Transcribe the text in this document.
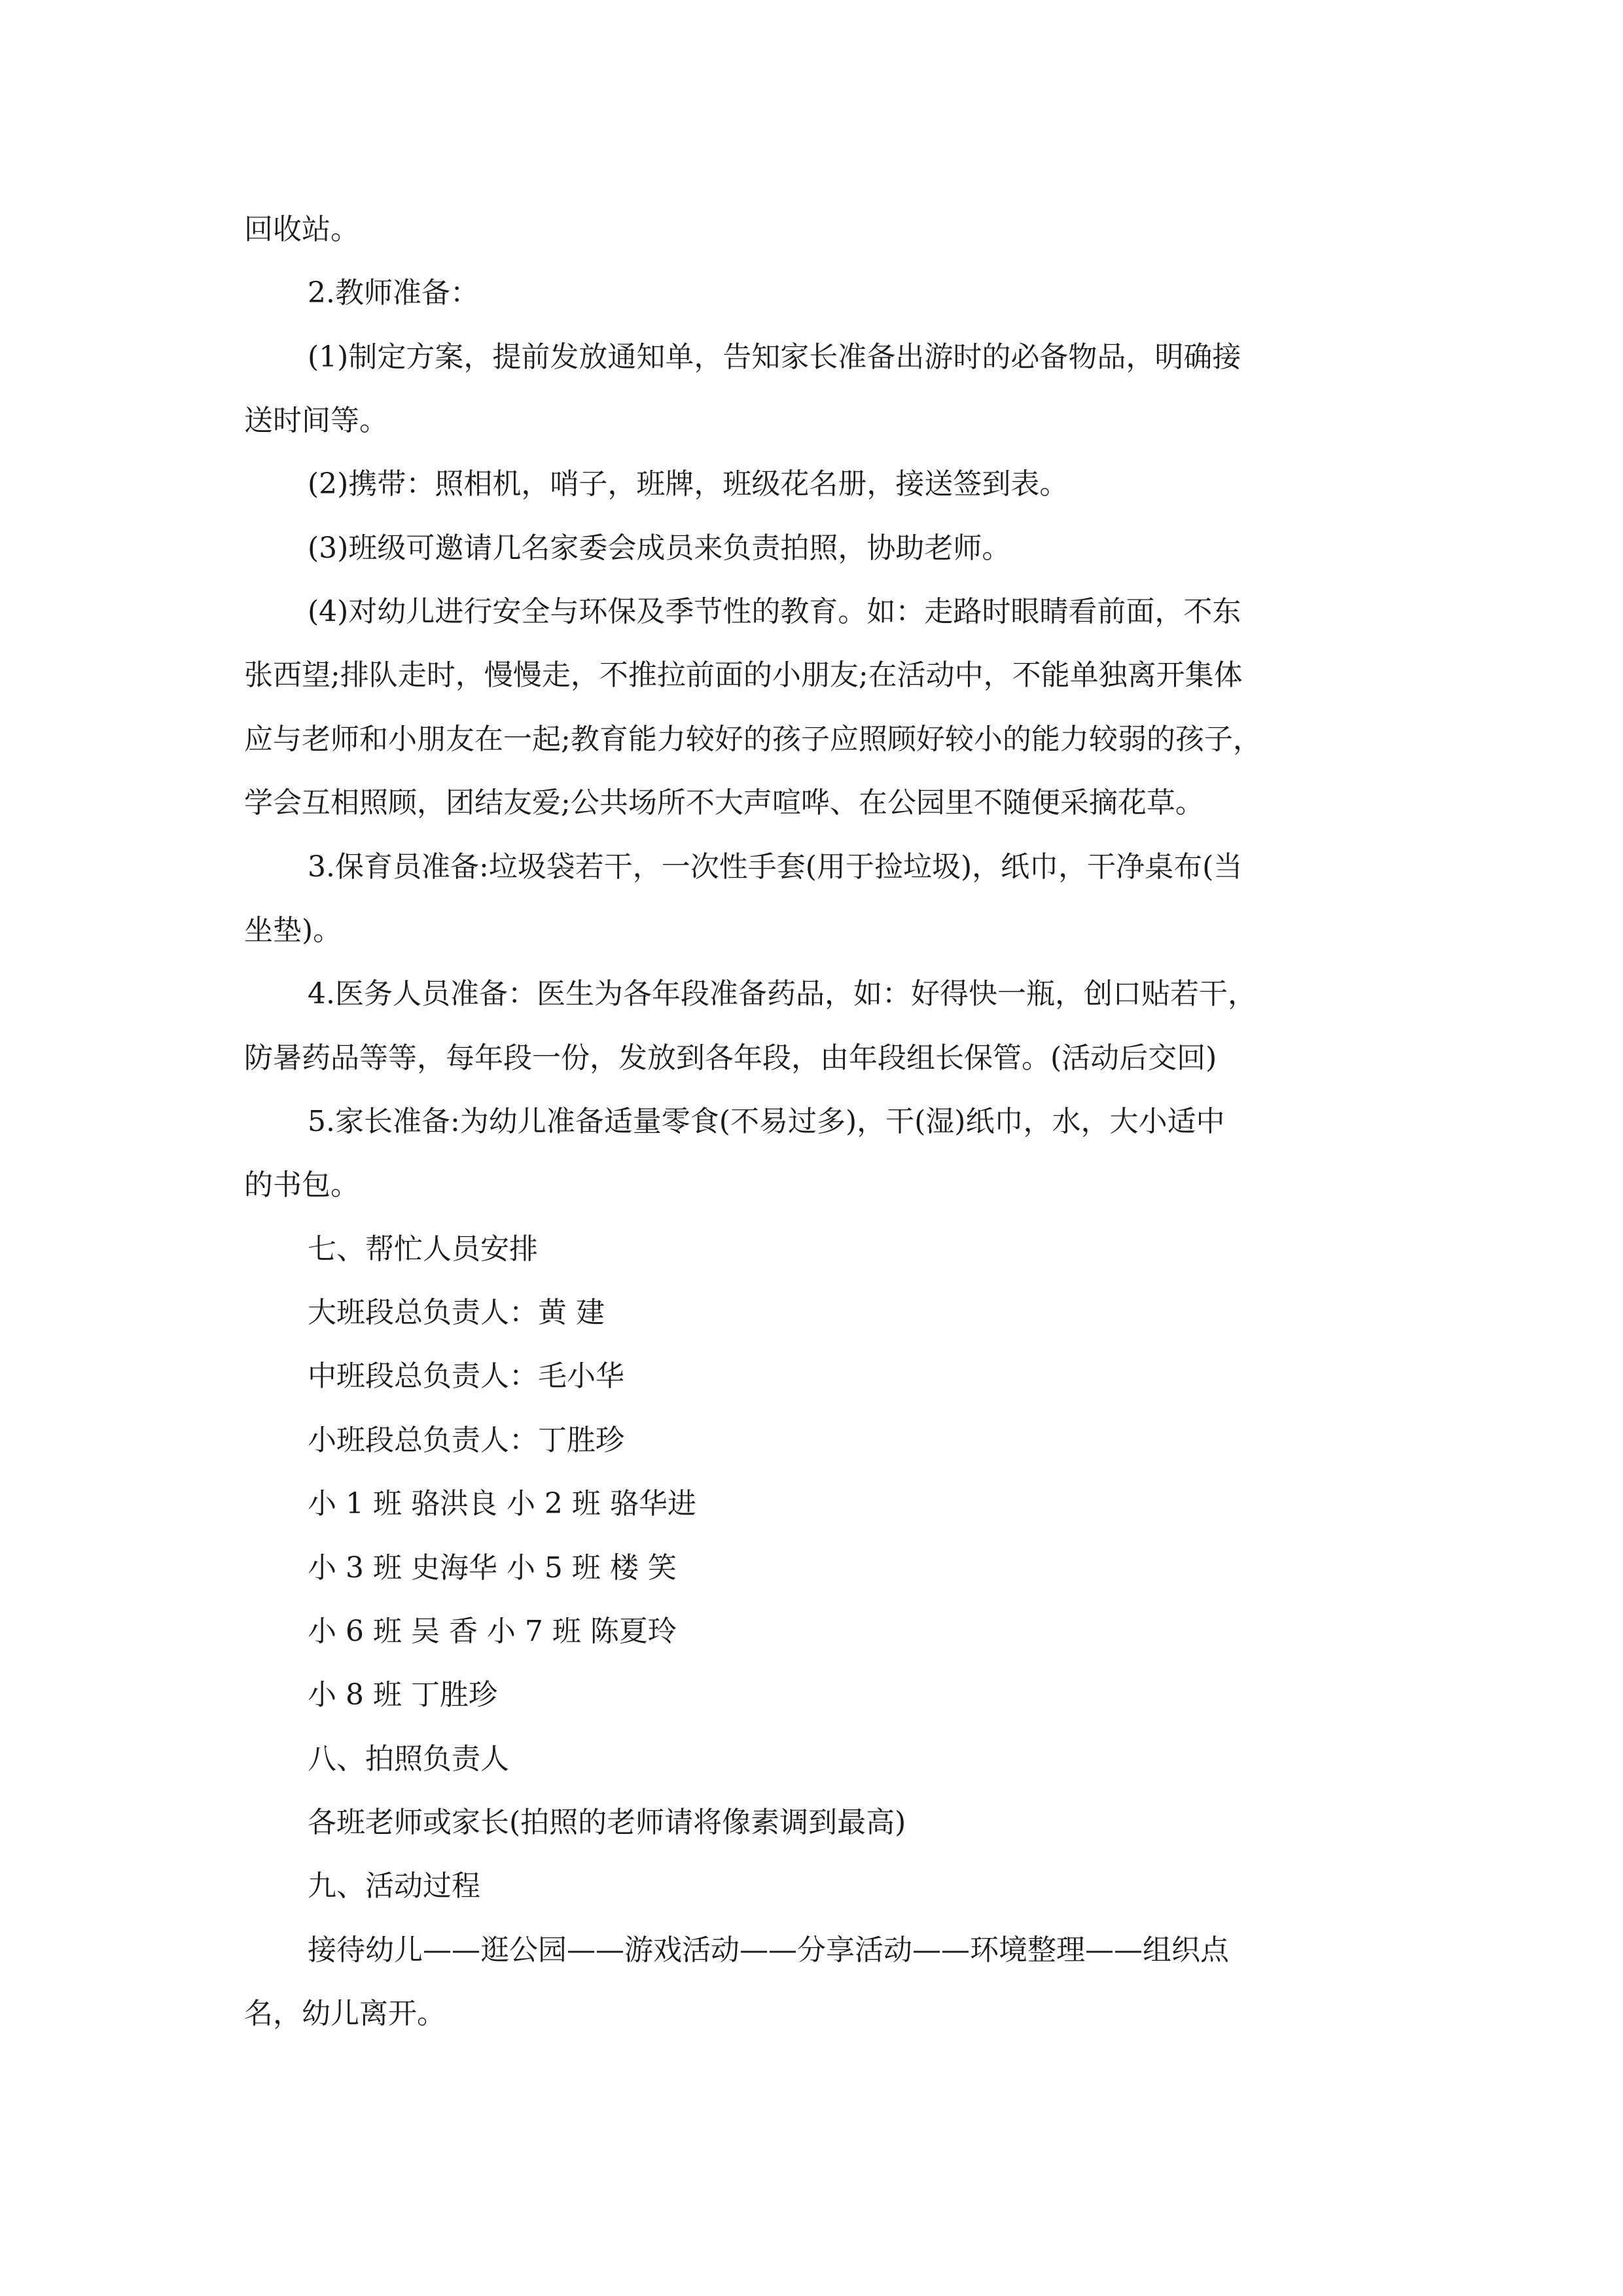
回收站。
2.教师准备：
(1)制定方案，提前发放通知单，告知家长准备出游时的必备物品，明确接
送时间等。
(2)携带：照相机，哨子，班牌，班级花名册，接送签到表。
(3)班级可邀请几名家委会成员来负责拍照，协助老师。
(4)对幼儿进行安全与环保及季节性的教育。如：走路时眼睛看前面，不东
张西望;排队走时，慢慢走，不推拉前面的小朋友;在活动中，不能单独离开集体
应与老师和小朋友在一起;教育能力较好的孩子应照顾好较小的能力较弱的孩子，
学会互相照顾，团结友爱;公共场所不大声喧哗、在公园里不随便采摘花草。
3.保育员准备:垃圾袋若干，一次性手套(用于捡垃圾)，纸巾，干净桌布(当
坐垫)。
4.医务人员准备：医生为各年段准备药品，如：好得快一瓶，创口贴若干，
防暑药品等等，每年段一份，发放到各年段，由年段组长保管。(活动后交回)
5.家长准备:为幼儿准备适量零食(不易过多)，干(湿)纸巾，水，大小适中
的书包。
七、帮忙人员安排
大班段总负责人：黄 建
中班段总负责人：毛小华
小班段总负责人：丁胜珍
小 1 班 骆洪良 小 2 班 骆华进
小 3 班 史海华 小 5 班 楼 笑
小 6 班 吴 香 小 7 班 陈夏玲
小 8 班 丁胜珍
八、拍照负责人
各班老师或家长(拍照的老师请将像素调到最高)
九、活动过程
接待幼儿——逛公园——游戏活动——分享活动——环境整理——组织点
名，幼儿离开。
